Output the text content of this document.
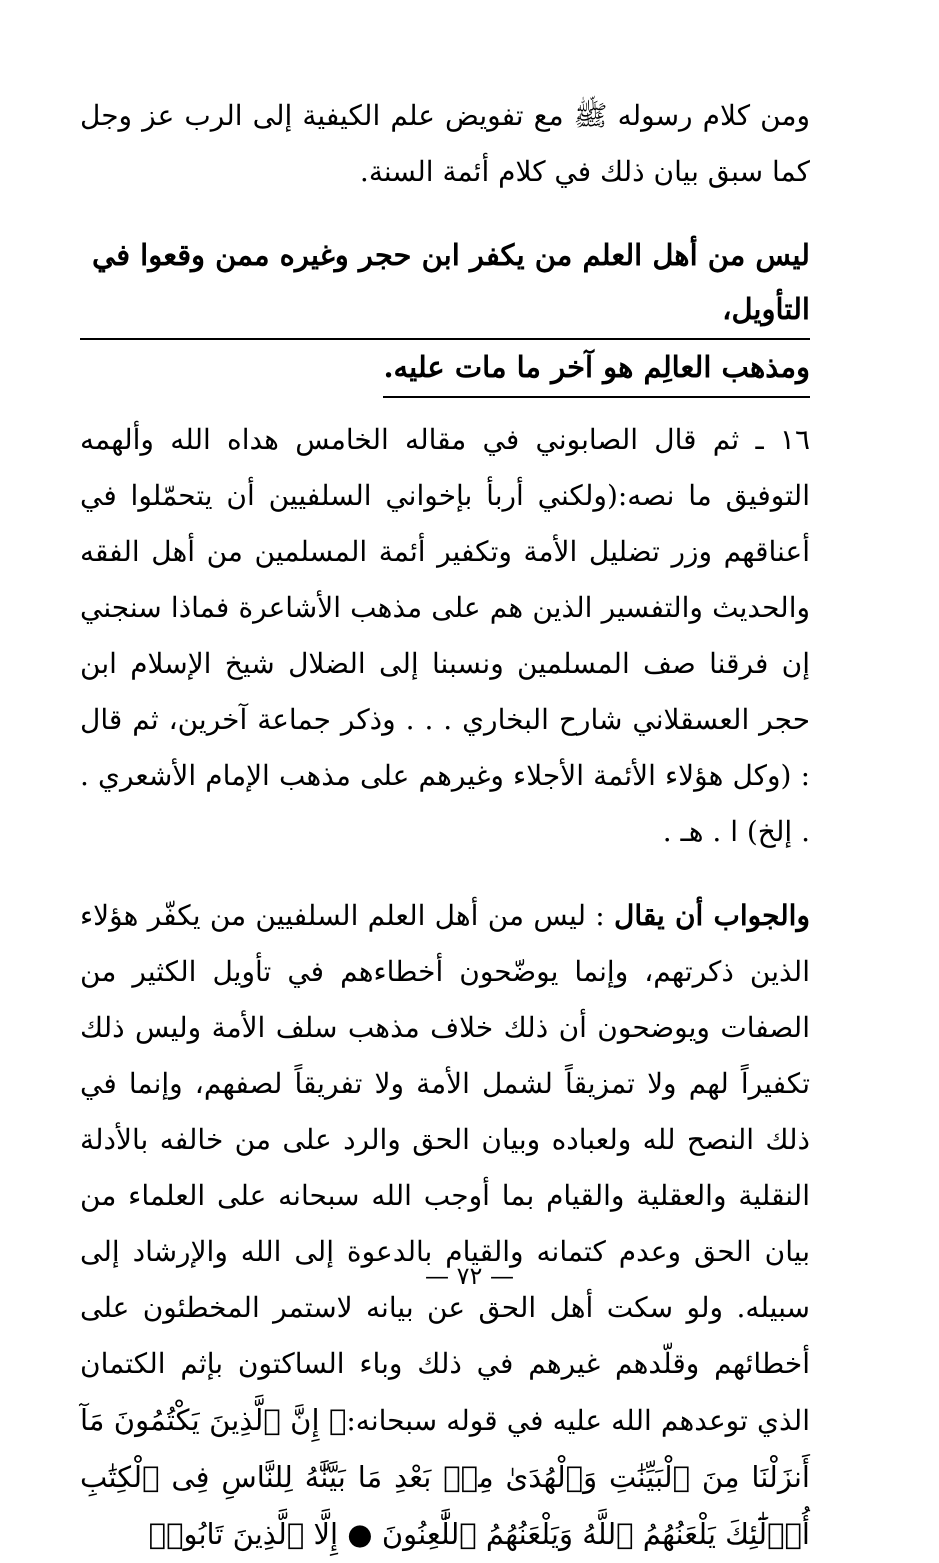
ومن كلام رسوله ﷺ مع تفويض علم الكيفية إلى الرب عز وجل كما سبق بيان ذلك في كلام أئمة السنة.

ليس من أهل العلم من يكفر ابن حجر وغيره ممن وقعوا في التأويل،
ومذهب العالِم هو آخر ما مات عليه.

١٦ ـ ثم قال الصابوني في مقاله الخامس هداه الله وألهمه التوفيق ما نصه:(ولكني أربأ بإخواني السلفيين أن يتحمّلوا في أعناقهم وزر تضليل الأمة وتكفير أئمة المسلمين من أهل الفقه والحديث والتفسير الذين هم على مذهب الأشاعرة فماذا سنجني إن فرقنا صف المسلمين ونسبنا إلى الضلال شيخ الإسلام ابن حجر العسقلاني شارح البخاري . . . وذكر جماعة آخرين، ثم قال : (وكل هؤلاء الأئمة الأجلاء وغيرهم على مذهب الإمام الأشعري . . إلخ) ا . هـ .

والجواب أن يقال : ليس من أهل العلم السلفيين من يكفّر هؤلاء الذين ذكرتهم، وإنما يوضّحون أخطاءهم في تأويل الكثير من الصفات ويوضحون أن ذلك خلاف مذهب سلف الأمة وليس ذلك تكفيراً لهم ولا تمزيقاً لشمل الأمة ولا تفريقاً لصفهم، وإنما في ذلك النصح لله ولعباده وبيان الحق والرد على من خالفه بالأدلة النقلية والعقلية والقيام بما أوجب الله سبحانه على العلماء من بيان الحق وعدم كتمانه والقيام بالدعوة إلى الله والإرشاد إلى سبيله. ولو سكت أهل الحق عن بيانه لاستمر المخطئون على أخطائهم وقلّدهم غيرهم في ذلك وباء الساكتون بإثم الكتمان الذي توعدهم الله عليه في قوله سبحانه:﴿ إِنَّ ٱلَّذِينَ يَكْتُمُونَ مَآ أَنزَلْنَا مِنَ ٱلْبَيِّنَٰتِ وَٱلْهُدَىٰ مِنۢ بَعْدِ مَا بَيَّنَّٰهُ لِلنَّاسِ فِى ٱلْكِتَٰبِ أُو۟لَٰٓئِكَ يَلْعَنُهُمُ ٱللَّهُ وَيَلْعَنُهُمُ ٱللَّٰعِنُونَ ● إِلَّا ٱلَّذِينَ تَابُوا۟

— ٧٢ —
